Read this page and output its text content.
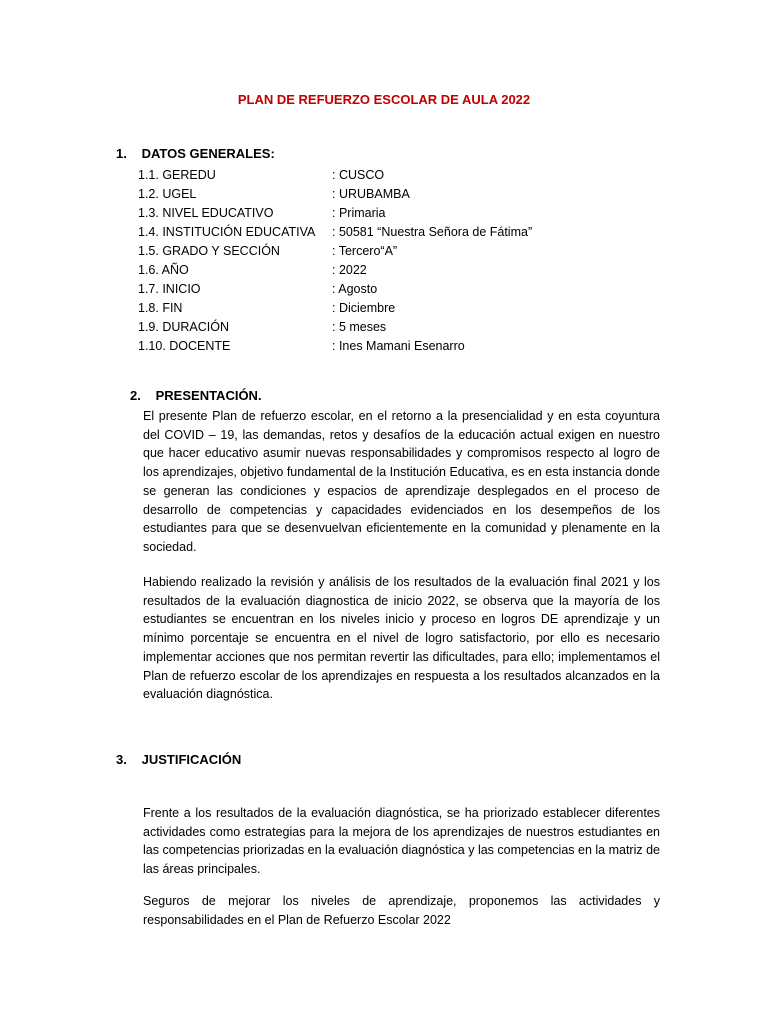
PLAN DE REFUERZO ESCOLAR DE AULA 2022
1. DATOS GENERALES:
1.1. GEREDU	: CUSCO
1.2. UGEL	: URUBAMBA
1.3. NIVEL EDUCATIVO	: Primaria
1.4. INSTITUCIÓN EDUCATIVA : 50581 “Nuestra Señora de Fátima”
1.5. GRADO Y SECCIÓN	: Tercero“A”
1.6. AÑO	: 2022
1.7. INICIO	: Agosto
1.8. FIN	: Diciembre
1.9. DURACIÓN	: 5 meses
1.10. DOCENTE	: Ines Mamani Esenarro
2. PRESENTACIÓN.
El presente Plan de refuerzo escolar, en el retorno a la presencialidad y en esta coyuntura del COVID – 19, las demandas, retos y desafíos de la educación actual exigen en nuestro que hacer educativo asumir nuevas responsabilidades y compromisos respecto al logro de los aprendizajes, objetivo fundamental de la Institución Educativa, es en esta instancia donde se generan las condiciones y espacios de aprendizaje desplegados en el proceso de desarrollo de competencias y capacidades evidenciados en los desempeños de los estudiantes para que se desenvuelvan eficientemente en la comunidad y plenamente en la sociedad.
Habiendo realizado la revisión y análisis de los resultados de la evaluación final 2021 y los resultados de la evaluación diagnostica de inicio 2022, se observa que la mayoría de los estudiantes se encuentran en los niveles inicio y proceso en logros DE aprendizaje y un mínimo porcentaje se encuentra en el nivel de logro satisfactorio, por ello es necesario implementar acciones que nos permitan revertir las dificultades, para ello; implementamos el Plan de refuerzo escolar de los aprendizajes en respuesta a los resultados alcanzados en la evaluación diagnóstica.
3. JUSTIFICACIÓN
Frente a los resultados de la evaluación diagnóstica, se ha priorizado establecer diferentes actividades como estrategias para la mejora de los aprendizajes de nuestros estudiantes en las competencias priorizadas en la evaluación diagnóstica y las competencias en la matriz de las áreas principales.
Seguros de mejorar los niveles de aprendizaje, proponemos las actividades y responsabilidades en el Plan de Refuerzo Escolar 2022
